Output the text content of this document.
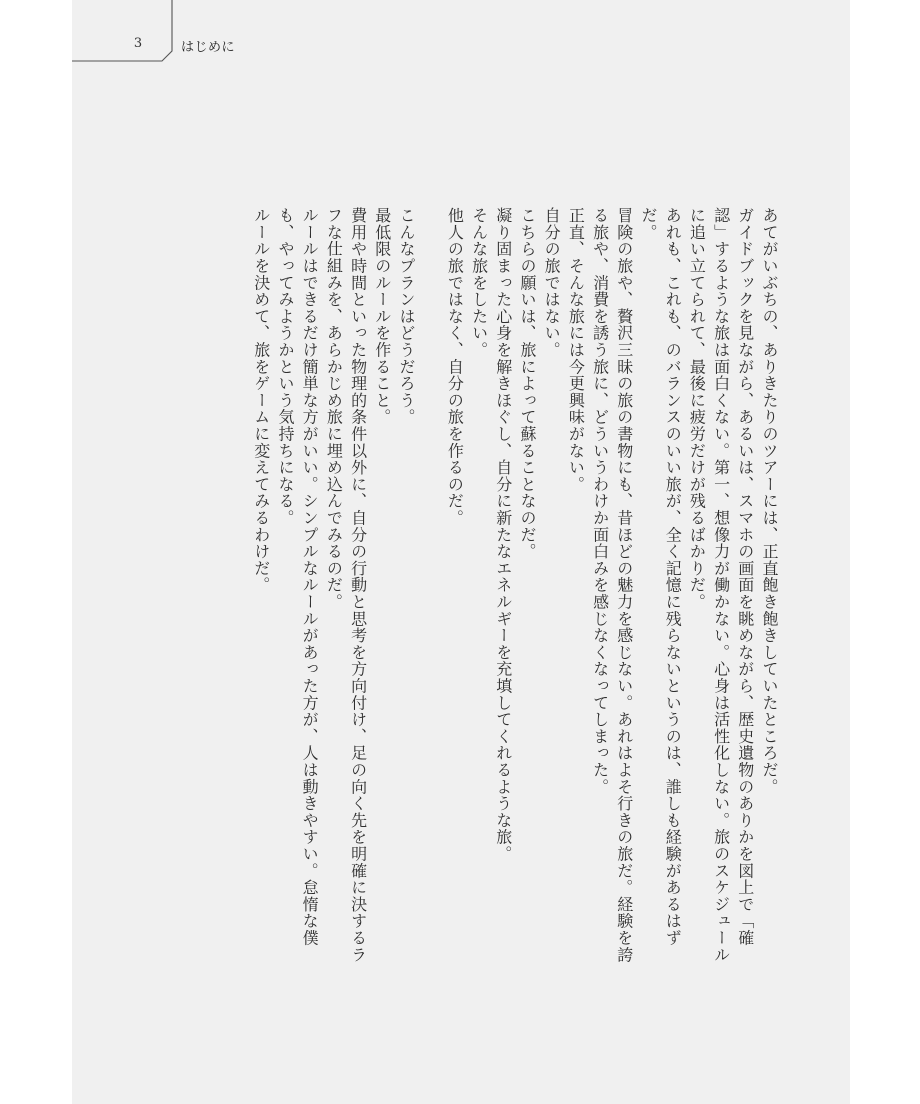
3	はじめに

あてがいぶちの、ありきたりのツアーには、正直飽き飽きしていたところだ。

ガイドブックを見ながら、あるいは、スマホの画面を眺めながら、歴史遺物のありかを図上で「確認」するような旅は面白くない。第一、想像力が働かない。心身は活性化しない。旅のスケジュールに追い立てられて、最後に疲労だけが残るばかりだ。

あれも、これも、のバランスのいい旅が、全く記憶に残らないというのは、誰しも経験があるはずだ。

冒険の旅や、贅沢三昧の旅の書物にも、昔ほどの魅力を感じない。あれはよそ行きの旅だ。経験を誇る旅や、消費を誘う旅に、どういうわけか面白みを感じなくなってしまった。

正直、そんな旅には今更興味がない。

自分の旅ではない。

こちらの願いは、旅によって蘇ることなのだ。

凝り固まった心身を解きほぐし、自分に新たなエネルギーを充填してくれるような旅。

そんな旅をしたい。

他人の旅ではなく、自分の旅を作るのだ。

こんなプランはどうだろう。

最低限のルールを作ること。

費用や時間といった物理的条件以外に、自分の行動と思考を方向付け、足の向く先を明確に決するラフな仕組みを、あらかじめ旅に埋め込んでみるのだ。

ルールはできるだけ簡単な方がいい。シンプルなルールがあった方が、人は動きやすい。怠惰な僕も、やってみようかという気持ちになる。

ルールを決めて、旅をゲームに変えてみるわけだ。
